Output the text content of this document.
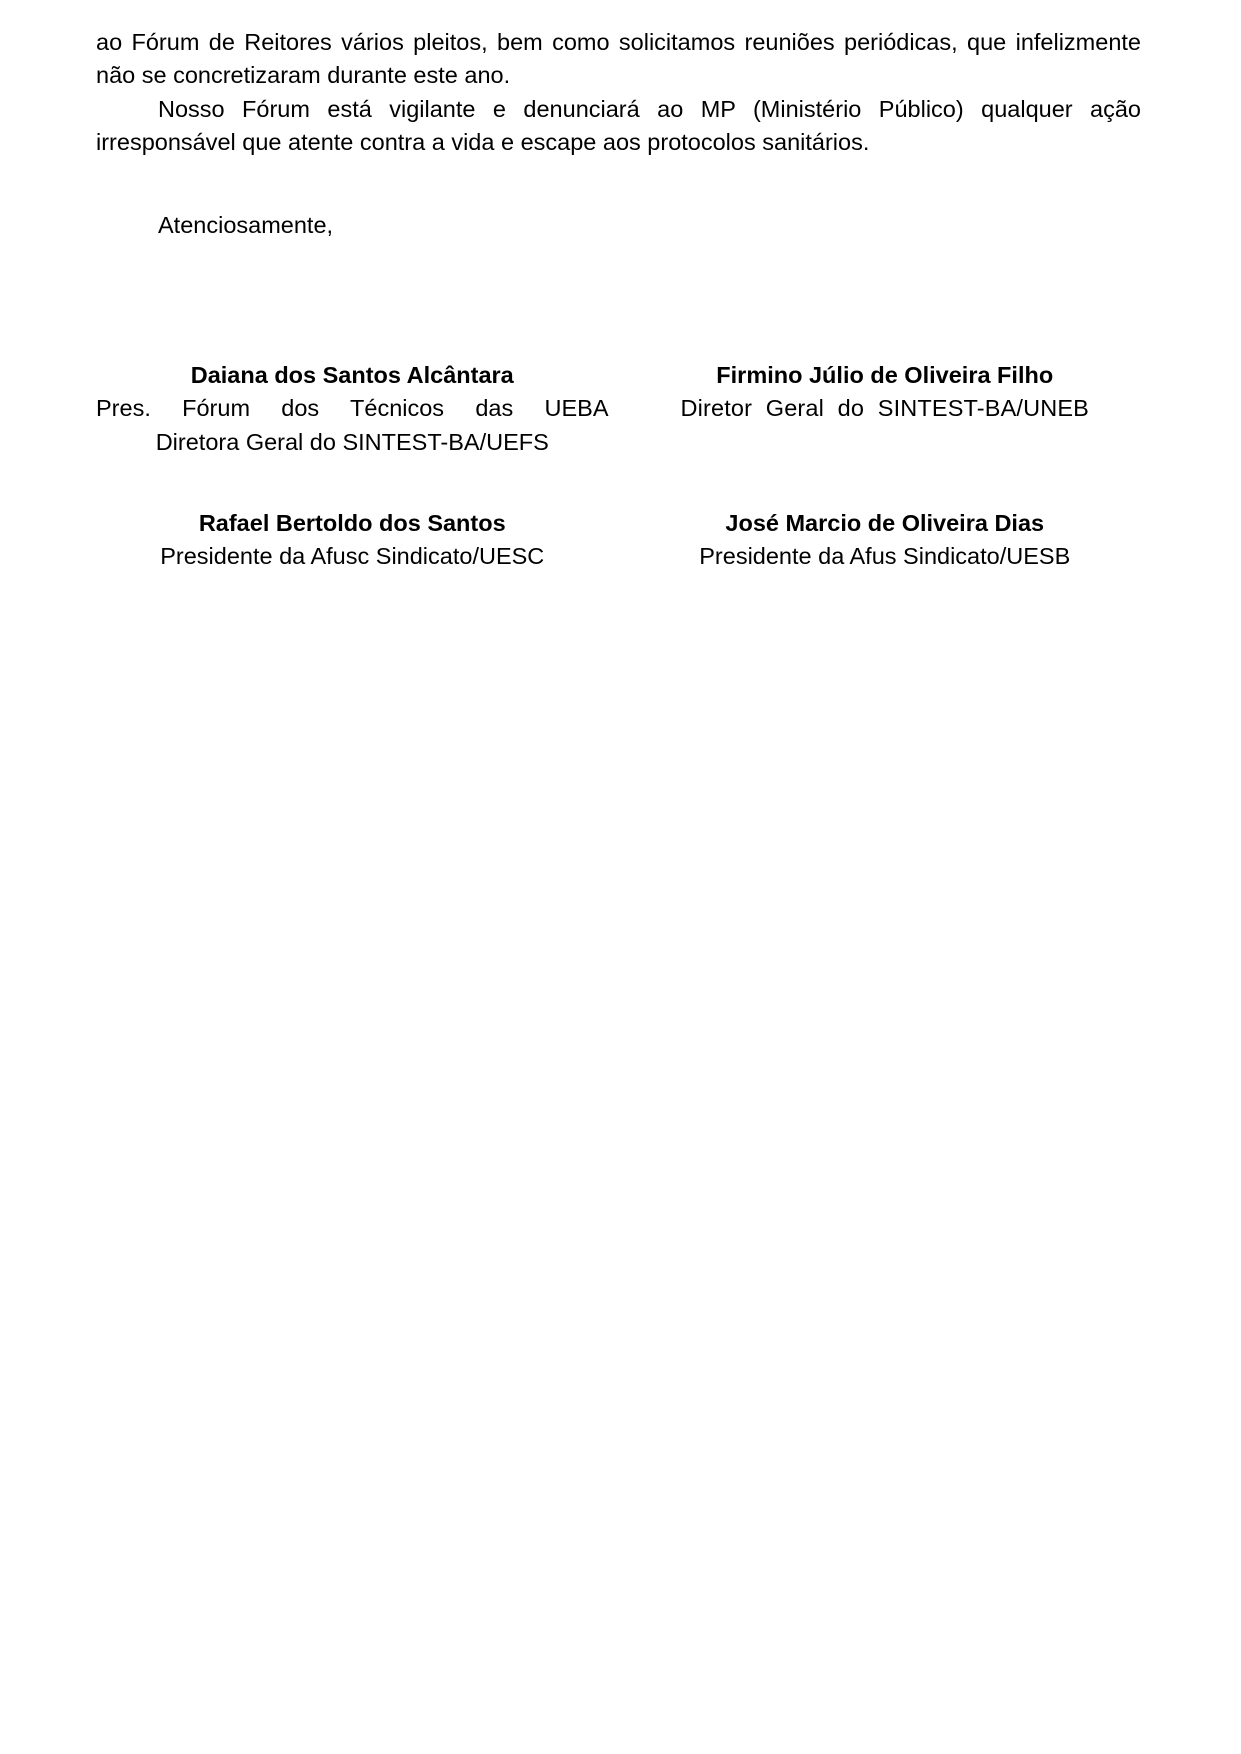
ao Fórum de Reitores vários pleitos, bem como solicitamos reuniões periódicas, que infelizmente não se concretizaram durante este ano.

Nosso Fórum está vigilante e denunciará ao MP (Ministério Público) qualquer ação irresponsável que atente contra a vida e escape aos protocolos sanitários.

Atenciosamente,
Daiana dos Santos Alcântara
Pres. Fórum dos Técnicos das UEBA
Diretora Geral do SINTEST-BA/UEFS
Firmino Júlio de Oliveira Filho
Diretor Geral do SINTEST-BA/UNEB
Rafael Bertoldo dos Santos
Presidente da Afusc Sindicato/UESC
José Marcio de Oliveira Dias
Presidente da Afus Sindicato/UESB
